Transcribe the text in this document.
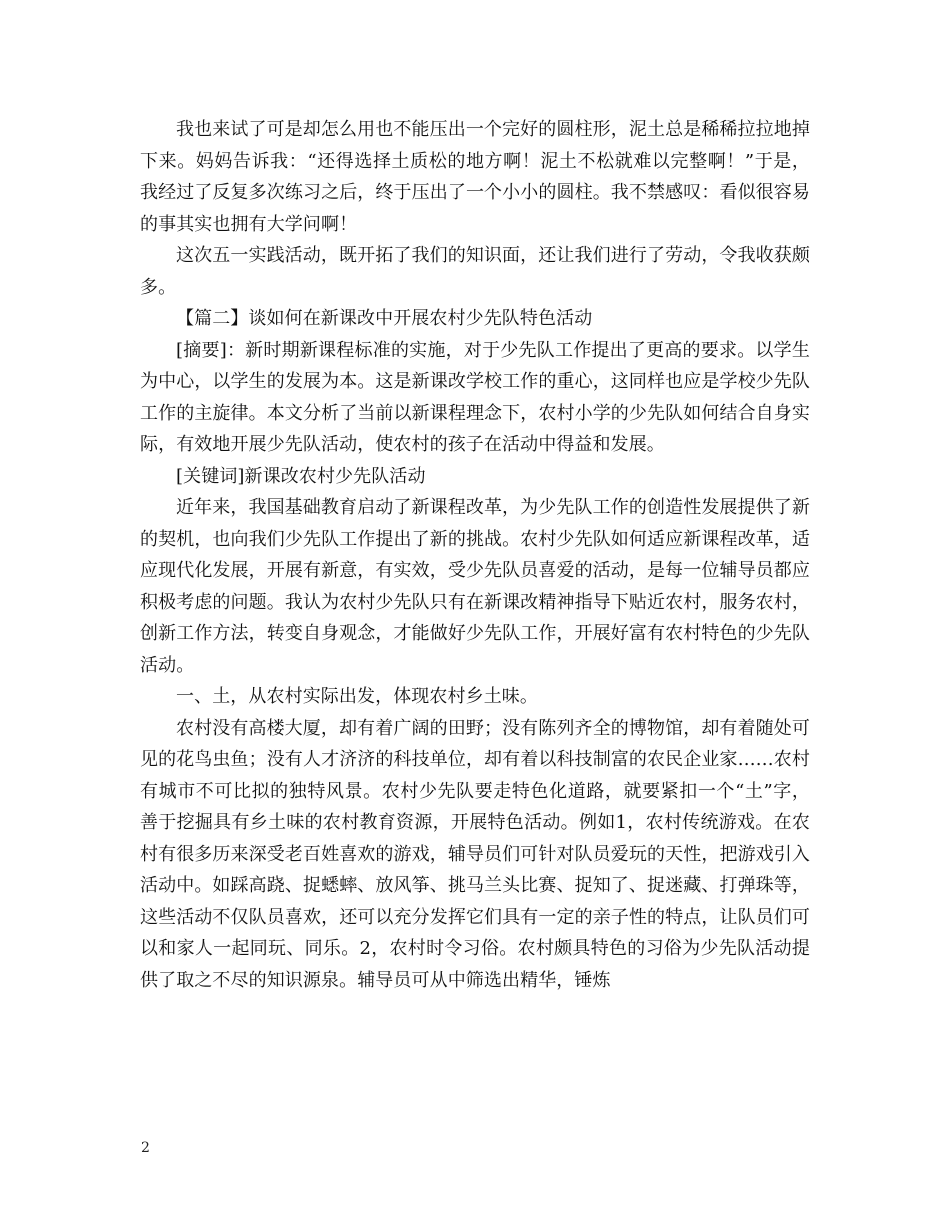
我也来试了可是却怎么用也不能压出一个完好的圆柱形，泥土总是稀稀拉拉地掉下来。妈妈告诉我：“还得选择土质松的地方啊！泥土不松就难以完整啊！”于是，我经过了反复多次练习之后，终于压出了一个小小的圆柱。我不禁感叹：看似很容易的事其实也拥有大学问啊！

这次五一实践活动，既开拓了我们的知识面，还让我们进行了劳动，令我收获颇多。

【篇二】谈如何在新课改中开展农村少先队特色活动

[摘要]：新时期新课程标准的实施，对于少先队工作提出了更高的要求。以学生为中心，以学生的发展为本。这是新课改学校工作的重心，这同样也应是学校少先队工作的主旋律。本文分析了当前以新课程理念下，农村小学的少先队如何结合自身实际，有效地开展少先队活动，使农村的孩子在活动中得益和发展。

[关键词]新课改农村少先队活动

近年来，我国基础教育启动了新课程改革，为少先队工作的创造性发展提供了新的契机，也向我们少先队工作提出了新的挑战。农村少先队如何适应新课程改革，适应现代化发展，开展有新意，有实效，受少先队员喜爱的活动，是每一位辅导员都应积极考虑的问题。我认为农村少先队只有在新课改精神指导下贴近农村，服务农村，创新工作方法，转变自身观念，才能做好少先队工作，开展好富有农村特色的少先队活动。

一、土，从农村实际出发，体现农村乡土味。

农村没有高楼大厦，却有着广阔的田野；没有陈列齐全的博物馆，却有着随处可见的花鸟虫鱼；没有人才济济的科技单位，却有着以科技制富的农民企业家……农村有城市不可比拟的独特风景。农村少先队要走特色化道路，就要紧扣一个“土”字，善于挖掘具有乡土味的农村教育资源，开展特色活动。例如1，农村传统游戏。在农村有很多历来深受老百姓喜欢的游戏，辅导员们可针对队员爱玩的天性，把游戏引入活动中。如踩高跷、捉蟋蟀、放风筝、挑马兰头比赛、捉知了、捉迷藏、打弹珠等，这些活动不仅队员喜欢，还可以充分发挥它们具有一定的亲子性的特点，让队员们可以和家人一起同玩、同乐。2，农村时令习俗。农村颇具特色的习俗为少先队活动提供了取之不尽的知识源泉。辅导员可从中筛选出精华，锤炼

2
